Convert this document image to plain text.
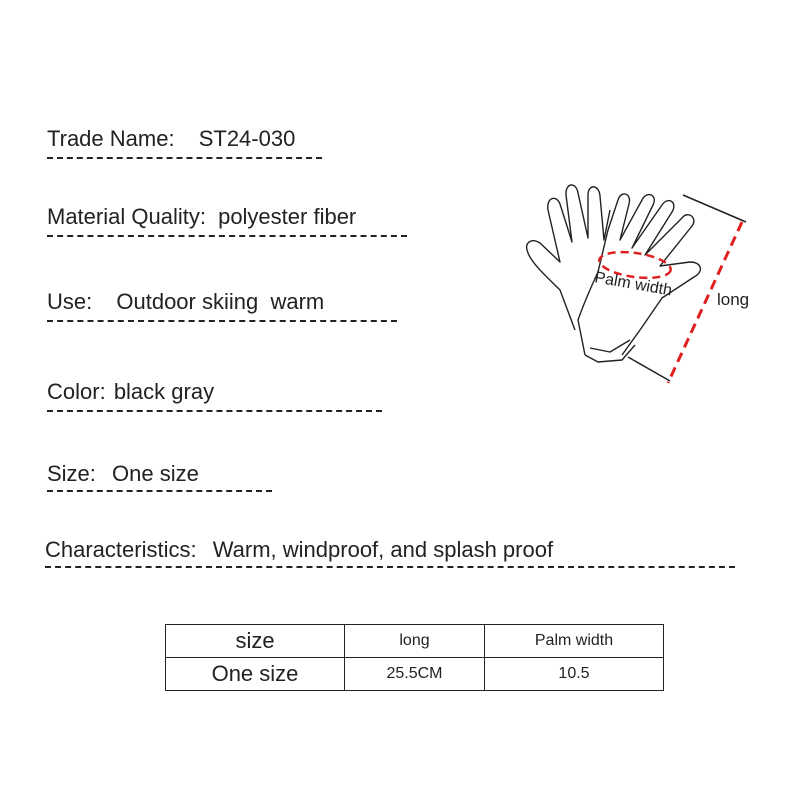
Trade Name: ST24-030
Material Quality: polyester fiber
Use: Outdoor skiing  warm
Color: black gray
Size: One size
Characteristics: Warm, windproof, and splash proof
Palm width	long
size	long	Palm width
One size	25.5CM	10.5
